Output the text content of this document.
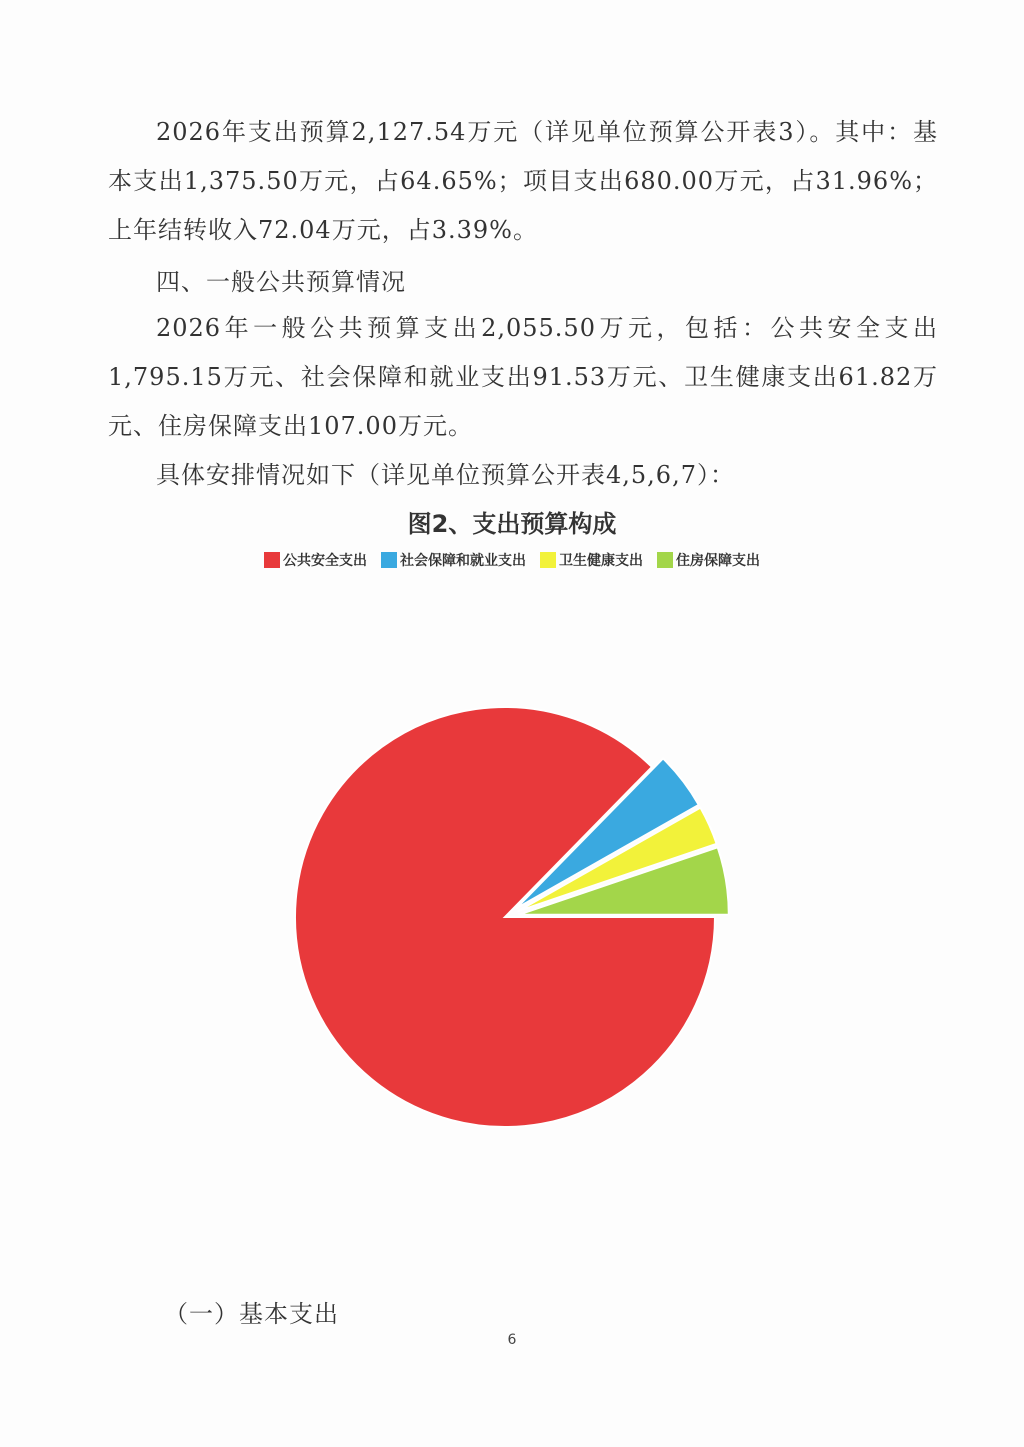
2026年支出预算2,127.54万元（详见单位预算公开表3）。其中：基本支出1,375.50万元，占64.65%；项目支出680.00万元，占31.96%；上年结转收入72.04万元，占3.39%。

四、一般公共预算情况

2026年一般公共预算支出2,055.50万元，包括：公共安全支出1,795.15万元、社会保障和就业支出91.53万元、卫生健康支出61.82万元、住房保障支出107.00万元。

具体安排情况如下（详见单位预算公开表4,5,6,7）：

图2、支出预算构成
公共安全支出 社会保障和就业支出 卫生健康支出 住房保障支出
（一）基本支出
6
